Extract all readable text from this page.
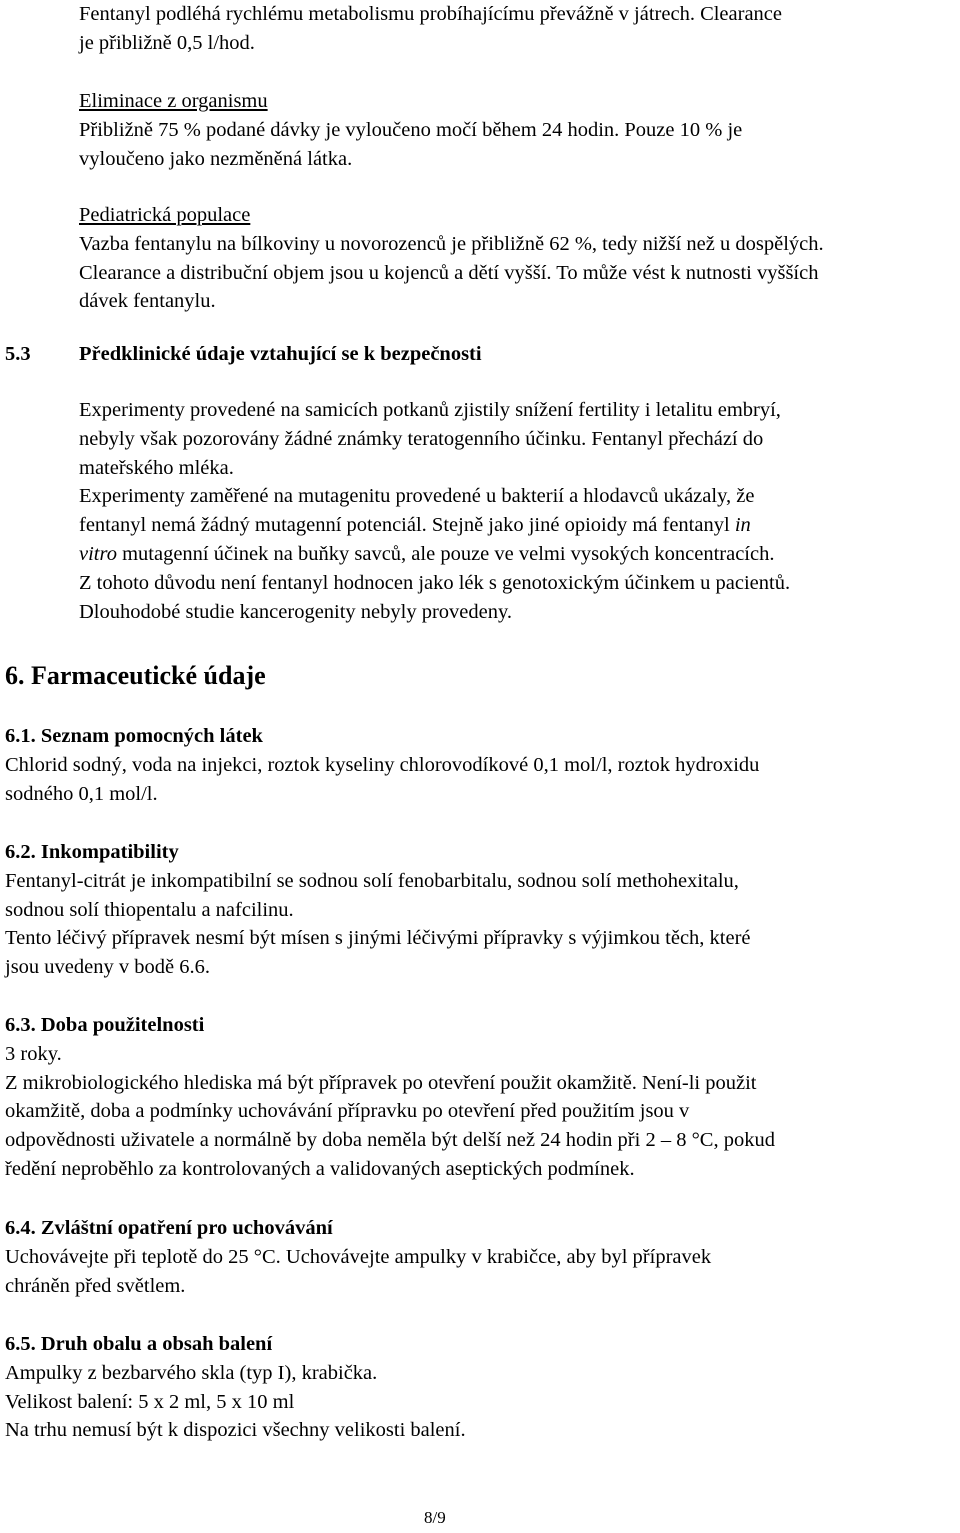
Fentanyl podléhá rychlému metabolismu probíhajícímu převážně v játrech. Clearance

je přibližně 0,5 l/hod.

Eliminace z organismu

Přibližně 75 % podané dávky je vyloučeno močí během 24 hodin. Pouze 10 % je

vyloučeno jako nezměněná látka.

Pediatrická populace

Vazba fentanylu na bílkoviny u novorozenců je přibližně 62 %, tedy nižší než u dospělých.

Clearance a distribuční objem jsou u kojenců a dětí vyšší. To může vést k nutnosti vyšších

dávek fentanylu.

5.3 Předklinické údaje vztahující se k bezpečnosti

Experimenty provedené na samicích potkanů zjistily snížení fertility i letalitu embryí,

nebyly však pozorovány žádné známky teratogenního účinku. Fentanyl přechází do

mateřského mléka.

Experimenty zaměřené na mutagenitu provedené u bakterií a hlodavců ukázaly, že

fentanyl nemá žádný mutagenní potenciál. Stejně jako jiné opioidy má fentanyl in

vitro mutagenní účinek na buňky savců, ale pouze ve velmi vysokých koncentracích.

Z tohoto důvodu není fentanyl hodnocen jako lék s genotoxickým účinkem u pacientů.

Dlouhodobé studie kancerogenity nebyly provedeny.

6. Farmaceutické údaje

6.1. Seznam pomocných látek

Chlorid sodný, voda na injekci, roztok kyseliny chlorovodíkové 0,1 mol/l, roztok hydroxidu

sodného 0,1 mol/l.

6.2. Inkompatibility

Fentanyl-citrát je inkompatibilní se sodnou solí fenobarbitalu, sodnou solí methohexitalu,

sodnou solí thiopentalu a nafcilinu.

Tento léčivý přípravek nesmí být mísen s jinými léčivými přípravky s výjimkou těch, které

jsou uvedeny v bodě 6.6.

6.3. Doba použitelnosti

3 roky.

Z mikrobiologického hlediska má být přípravek po otevření použit okamžitě. Není-li použit

okamžitě, doba a podmínky uchovávání přípravku po otevření před použitím jsou v

odpovědnosti uživatele a normálně by doba neměla být delší než 24 hodin při 2 – 8 °C, pokud

ředění neproběhlo za kontrolovaných a validovaných aseptických podmínek.

6.4. Zvláštní opatření pro uchovávání

Uchovávejte při teplotě do 25 °C. Uchovávejte ampulky v krabičce, aby byl přípravek

chráněn před světlem.

6.5. Druh obalu a obsah balení

Ampulky z bezbarvého skla (typ I), krabička.

Velikost balení: 5 x 2 ml, 5 x 10 ml

Na trhu nemusí být k dispozici všechny velikosti balení.

8/9
